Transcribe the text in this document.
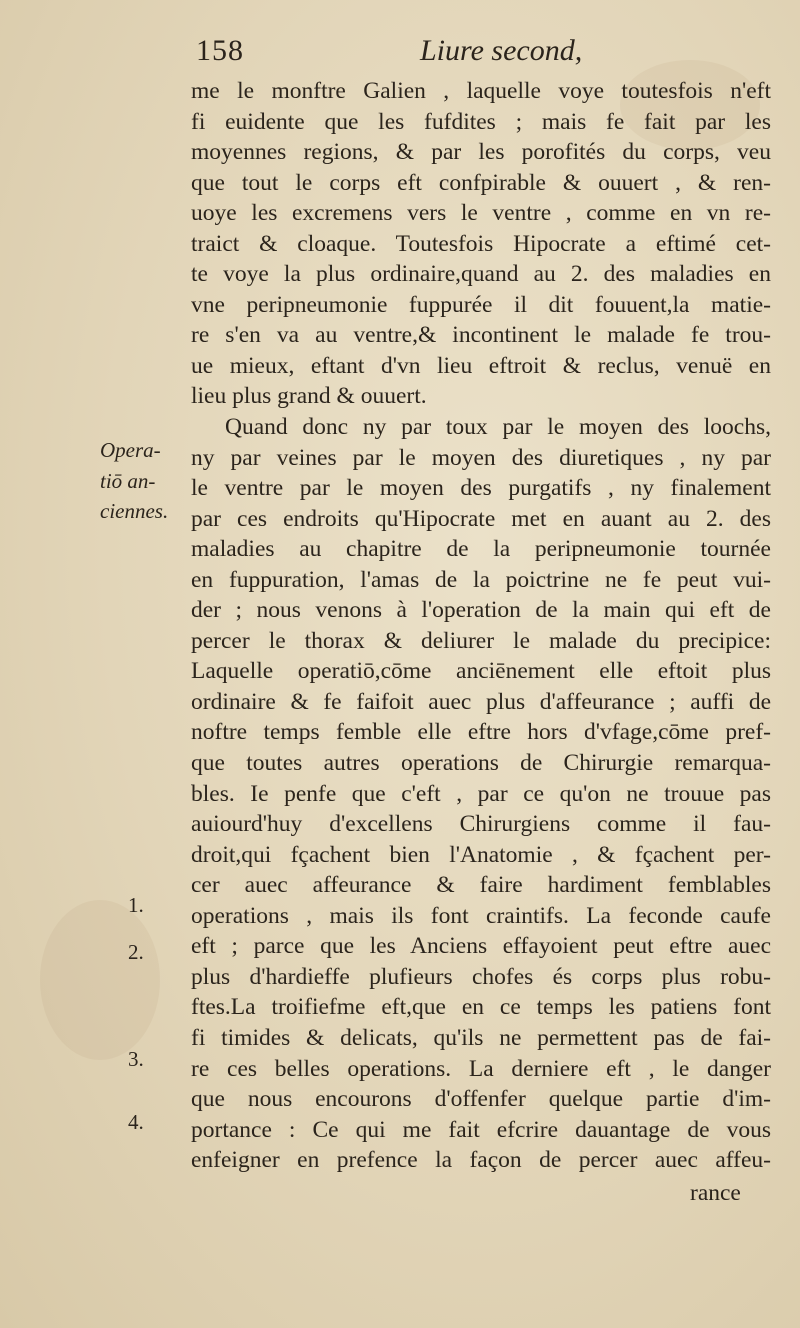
158	Liure second,
Opera-
tiō an-
ciennes.
1.
2.
3.
4.
me le monftre Galien , laquelle voye toutesfois n'eft
fi euidente que les fufdites ; mais fe fait par les
moyennes regions, & par les porofités du corps, veu
que tout le corps eft confpirable & ouuert , & ren-
uoye les excremens vers le ventre , comme en vn re-
traict & cloaque. Toutesfois Hipocrate a eftimé cet-
te voye la plus ordinaire,quand au 2. des maladies en
vne peripneumonie fuppurée il dit fouuent,la matie-
re s'en va au ventre,& incontinent le malade fe trou-
ue mieux, eftant d'vn lieu eftroit & reclus, venuë en
lieu plus grand & ouuert.
Quand donc ny par toux par le moyen des loochs,
ny par veines par le moyen des diuretiques , ny par
le ventre par le moyen des purgatifs , ny finalement
par ces endroits qu'Hipocrate met en auant au 2. des
maladies au chapitre de la peripneumonie tournée
en fuppuration, l'amas de la poictrine ne fe peut vui-
der ; nous venons à l'operation de la main qui eft de
percer le thorax & deliurer le malade du precipice:
Laquelle operatiō,cōme anciēnement elle eftoit plus
ordinaire & fe faifoit auec plus d'affeurance ; auffi de
noftre temps femble elle eftre hors d'vfage,cōme pref-
que toutes autres operations de Chirurgie remarqua-
bles. Ie penfe que c'eft , par ce qu'on ne trouue pas
auiourd'huy d'excellens Chirurgiens comme il fau-
droit,qui fçachent bien l'Anatomie , & fçachent per-
cer auec affeurance & faire hardiment femblables
operations , mais ils font craintifs. La feconde caufe
eft ; parce que les Anciens effayoient peut eftre auec
plus d'hardieffe plufieurs chofes és corps plus robu-
ftes.La troifiefme eft,que en ce temps les patiens font
fi timides & delicats, qu'ils ne permettent pas de fai-
re ces belles operations. La derniere eft , le danger
que nous encourons d'offenfer quelque partie d'im-
portance : Ce qui me fait efcrire dauantage de vous
enfeigner en prefence la façon de percer auec affeu-
rance
